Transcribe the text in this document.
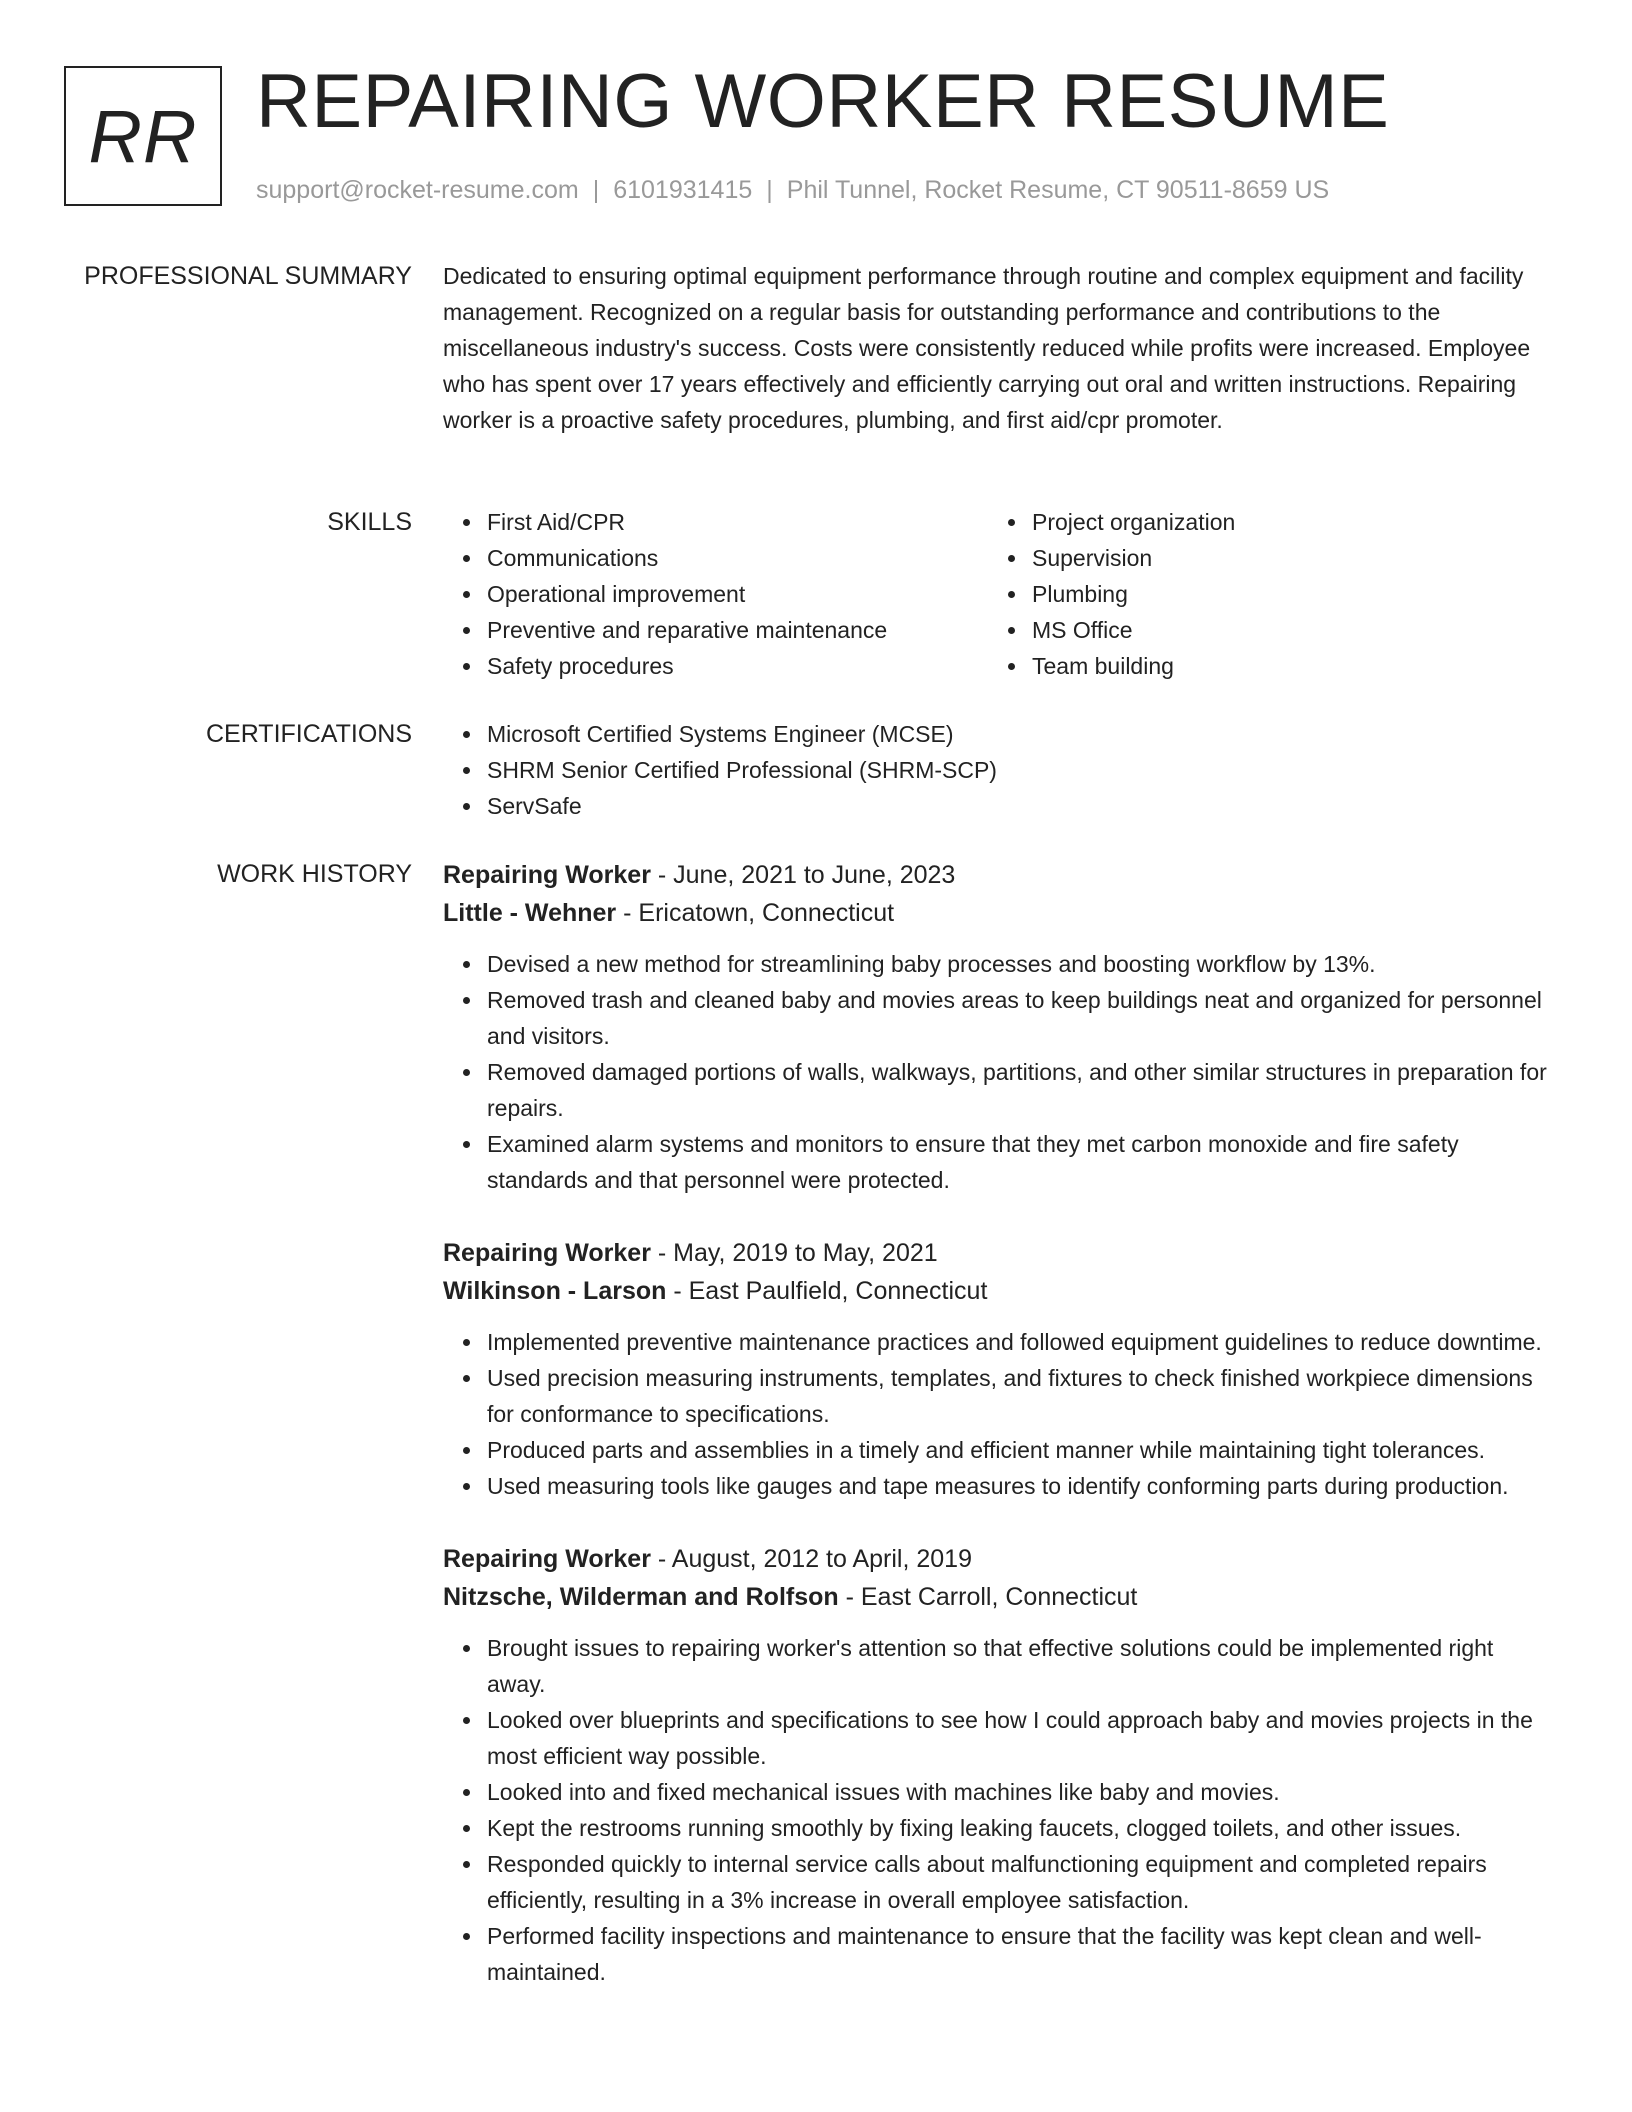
RR REPAIRING WORKER RESUME
support@rocket-resume.com | 6101931415 | Phil Tunnel, Rocket Resume, CT 90511-8659 US
PROFESSIONAL SUMMARY Dedicated to ensuring optimal equipment performance through routine and complex equipment and facility management. Recognized on a regular basis for outstanding performance and contributions to the miscellaneous industry's success. Costs were consistently reduced while profits were increased. Employee who has spent over 17 years effectively and efficiently carrying out oral and written instructions. Repairing worker is a proactive safety procedures, plumbing, and first aid/cpr promoter.

SKILLS	First Aid/CPR
Communications
Operational improvement
Preventive and reparative maintenance
Safety procedures
Project organization
Supervision
Plumbing
MS Office
Team building
CERTIFICATIONS	Microsoft Certified Systems Engineer (MCSE)
SHRM Senior Certified Professional (SHRM-SCP)
ServSafe
WORK HISTORY Repairing Worker - June, 2021 to June, 2023

Little - Wehner - Ericatown, Connecticut

Devised a new method for streamlining baby processes and boosting workflow by 13%.
Removed trash and cleaned baby and movies areas to keep buildings neat and organized for personnel and visitors.
Removed damaged portions of walls, walkways, partitions, and other similar structures in preparation for repairs.
Examined alarm systems and monitors to ensure that they met carbon monoxide and fire safety standards and that personnel were protected.

Repairing Worker - May, 2019 to May, 2021

Wilkinson - Larson - East Paulfield, Connecticut

Implemented preventive maintenance practices and followed equipment guidelines to reduce downtime.
Used precision measuring instruments, templates, and fixtures to check finished workpiece dimensions for conformance to specifications.
Produced parts and assemblies in a timely and efficient manner while maintaining tight tolerances.
Used measuring tools like gauges and tape measures to identify conforming parts during production.

Repairing Worker - August, 2012 to April, 2019

Nitzsche, Wilderman and Rolfson - East Carroll, Connecticut

Brought issues to repairing worker's attention so that effective solutions could be implemented right away.
Looked over blueprints and specifications to see how I could approach baby and movies projects in the most efficient way possible.
Looked into and fixed mechanical issues with machines like baby and movies.
Kept the restrooms running smoothly by fixing leaking faucets, clogged toilets, and other issues.
Responded quickly to internal service calls about malfunctioning equipment and completed repairs efficiently, resulting in a 3% increase in overall employee satisfaction.
Performed facility inspections and maintenance to ensure that the facility was kept clean and well-maintained.
